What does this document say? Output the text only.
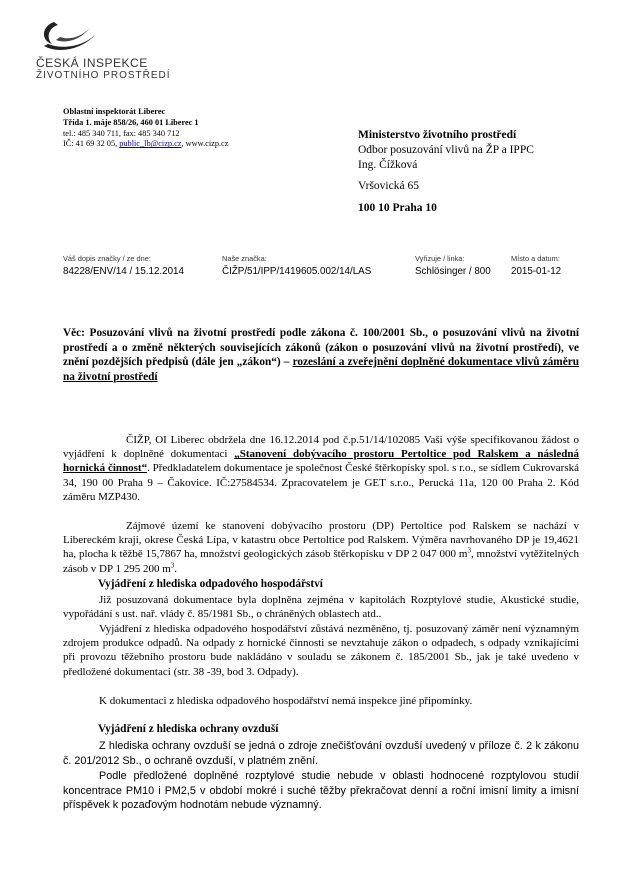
ČESKÁ INSPEKCE
ŽIVOTNÍHO PROSTŘEDÍ
Oblastní inspektorát Liberec
Třída 1. máje 858/26, 460 01 Liberec 1
tel.: 485 340 711, fax: 485 340 712
IČ: 41 69 32 05, public_lb@cizp.cz, www.cizp.cz
Ministerstvo životního prostředí
Odbor posuzování vlivů na ŽP a IPPC
Ing. Čížková
Vršovická 65
100 10 Praha 10
Váš dopis značky / ze dne:
84228/ENV/14 / 15.12.2014
Naše značka:
ČIŽP/51/IPP/1419605.002/14/LAS
Vyřizuje / linka:
Schlösinger / 800
Místo a datum:
2015-01-12
Věc: Posuzování vlivů na životní prostředí podle zákona č. 100/2001 Sb., o posuzování vlivů na životní prostředí a o změně některých souvisejících zákonů (zákon o posuzování vlivů na životní prostředí), ve znění pozdějších předpisů (dále jen „zákon“) – rozeslání a zveřejnění doplněné dokumentace vlivů záměru na životní prostředí
ČIŽP, OI Liberec obdržela dne 16.12.2014 pod č.p.51/14/102085 Vaši výše specifikovanou žádost o vyjádření k doplněné dokumentaci „Stanovení dobývacího prostoru Pertoltice pod Ralskem a následná hornická činnost“. Předkladatelem dokumentace je společnost České štěrkopísky spol. s r.o., se sídlem Cukrovarská 34, 190 00 Praha 9 – Čakovice. IČ:27584534. Zpracovatelem je GET s.r.o., Perucká 11a, 120 00 Praha 2. Kód záměru MZP430.
Zájmové území ke stanovení dobývacího prostoru (DP) Pertoltice pod Ralskem se nachází v Libereckém kraji, okrese Česká Lípa, v katastru obce Pertoltice pod Ralskem. Výměra navrhovaného DP je 19,4621 ha, plocha k těžbě 15,7867 ha, množství geologických zásob štěrkopísku v DP 2 047 000 $m^3$, množství vytěžitelných zásob v DP 1 295 200 $m^3$.
Vyjádření z hlediska odpadového hospodářství
Již posuzovaná dokumentace byla doplněna zejména v kapitolách Rozptylové studie, Akustické studie, vypořádání s ust. nař. vlády č. 85/1981 Sb., o chráněných oblastech atd..
Vyjádření z hlediska odpadového hospodářství zůstává nezměněno, tj. posuzovaný záměr není významným zdrojem produkce odpadů. Na odpady z hornické činnosti se nevztahuje zákon o odpadech, s odpady vznikajícími při provozu těžebního prostoru bude nakládáno v souladu se zákonem č. 185/2001 Sb., jak je také uvedeno v předložené dokumentaci (str. 38 -39, bod 3. Odpady).
K dokumentaci z hlediska odpadového hospodářství nemá inspekce jiné připomínky.
Vyjádření z hlediska ochrany ovzduší
Z hlediska ochrany ovzduší se jedná o zdroje znečišťování ovzduší uvedený v příloze č. 2 k zákonu č. 201/2012 Sb., o ochraně ovzduší, v platném znění.
Podle předložené doplněné rozptylové studie nebude v oblasti hodnocené rozptylovou studií koncentrace PM10 i PM2,5 v období mokré i suché těžby překračovat denní a roční imisní limity a imisní příspěvek k pozaďovým hodnotám nebude významný.
